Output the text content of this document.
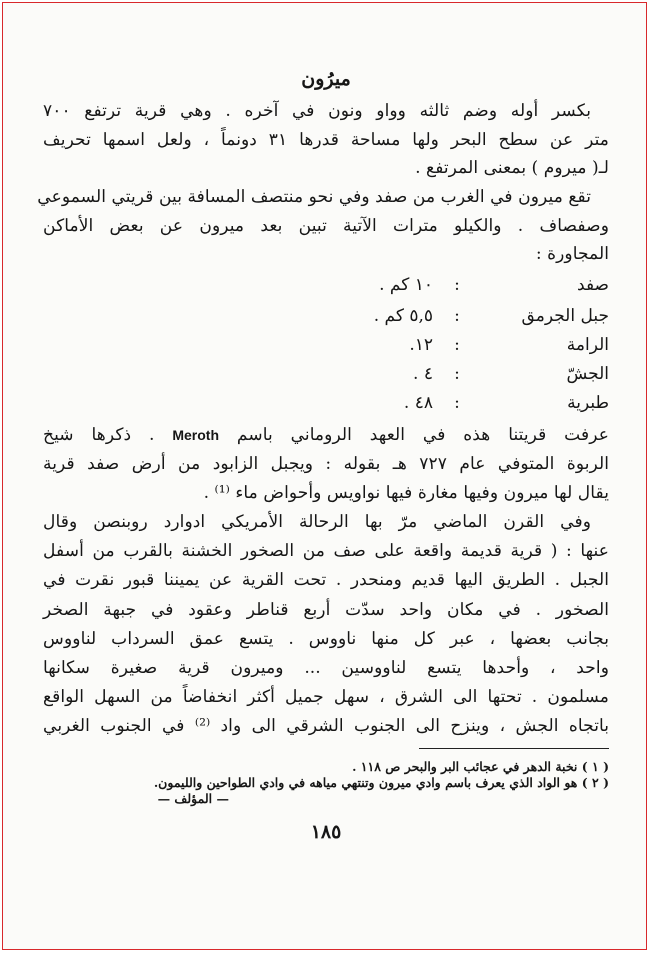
ميرُون
بكسر أوله وضم ثالثه وواو ونون في آخره . وهي قرية ترتفع ٧٠٠
متر عن سطح البحر ولها مساحة قدرها ٣١ دونماً ، ولعل اسمها تحريف
لـ( ميروم ) بمعنى المرتفع .
تقع ميرون في الغرب من صفد وفي نحو منتصف المسافة بين قريتي السموعي
وصفصاف . والكيلو مترات الآتية تبين بعد ميرون عن بعض الأماكن
المجاورة :
صفد
:
١٠ كم .
جبل الجرمق
:
٥,٥ كم .
الرامة
:
١٢.
الجشّ
:
٤ .
طبرية
:
٤٨ .
عرفت قريتنا هذه في العهد الروماني باسم Meroth . ذكرها شيخ
الربوة المتوفي عام ٧٢٧ هـ بقوله : ويجبل الزابود من أرض صفد قرية
يقال لها ميرون وفيها مغارة فيها نواويس وأحواض ماء ⁽¹⁾ .
وفي القرن الماضي مرّ بها الرحالة الأمريكي ادوارد روبنصن وقال
عنها : ( قرية قديمة واقعة على صف من الصخور الخشنة بالقرب من أسفل
الجبل . الطريق اليها قديم ومنحدر . تحت القرية عن يميننا قبور نقرت في
الصخور . في مكان واحد سدّت أربع قناطر وعقود في جبهة الصخر
بجانب بعضها ، عبر كل منها ناووس . يتسع عمق السرداب لناووس
واحد ، وأحدها يتسع لناووسين ... وميرون قرية صغيرة سكانها
مسلمون . تحتها الى الشرق ، سهل جميل أكثر انخفاضاً من السهل الواقع
باتجاه الجش ، وينزح الى الجنوب الشرقي الى واد ⁽²⁾ في الجنوب الغربي
( ١ ) نخبة الدهر في عجائب البر والبحر ص ١١٨ .
( ٢ ) هو الواد الذي يعرف باسم وادي ميرون وتنتهي مياهه في وادي الطواحين والليمون.
— المؤلف —
١٨٥
